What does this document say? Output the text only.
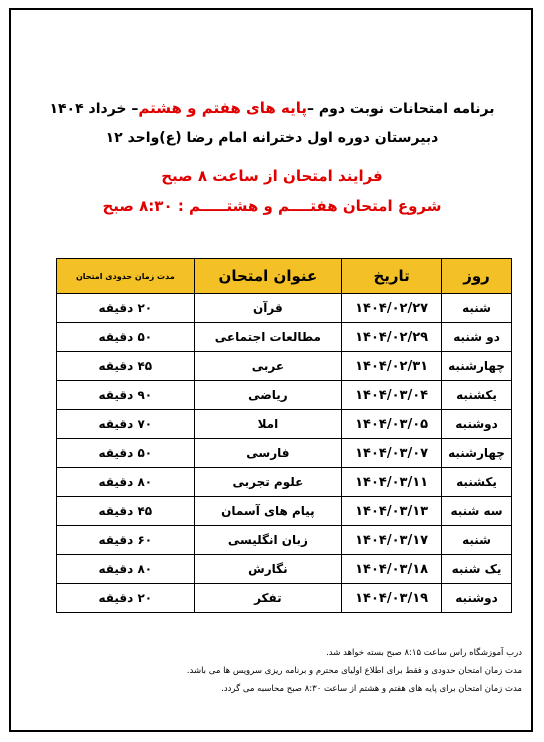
برنامه امتحانات نوبت دوم –پایه های هفتم و هشتم– خرداد ۱۴۰۴
دبیرستان دوره اول دخترانه امام رضا (ع)واحد ۱۲
فرایند امتحان از ساعت ۸ صبح
شروع امتحان هفتــــم و هشتـــــم : ۸:۳۰ صبح
روز	تاریخ	عنوان امتحان	مدت زمان حدودی امتحان
شنبه	۱۴۰۴/۰۲/۲۷	قرآن	۲۰ دقیقه
دو شنبه	۱۴۰۴/۰۲/۲۹	مطالعات اجتماعی	۵۰ دقیقه
چهارشنبه	۱۴۰۴/۰۲/۳۱	عربی	۴۵ دقیقه
یکشنبه	۱۴۰۴/۰۳/۰۴	ریاضی	۹۰ دقیقه
دوشنبه	۱۴۰۴/۰۳/۰۵	املا	۷۰ دقیقه
چهارشنبه	۱۴۰۴/۰۳/۰۷	فارسی	۵۰ دقیقه
یکشنبه	۱۴۰۴/۰۳/۱۱	علوم تجربی	۸۰ دقیقه
سه شنبه	۱۴۰۴/۰۳/۱۳	پیام های آسمان	۴۵ دقیقه
شنبه	۱۴۰۴/۰۳/۱۷	زبان انگلیسی	۶۰ دقیقه
یک شنبه	۱۴۰۴/۰۳/۱۸	نگارش	۸۰ دقیقه
دوشنبه	۱۴۰۴/۰۳/۱۹	تفکر	۲۰ دقیقه
درب آموزشگاه راس ساعت ۸:۱۵ صبح بسته خواهد شد.
مدت زمان امتحان حدودی و فقط برای اطلاع اولیای محترم و برنامه ریزی سرویس ها می باشد.
مدت زمان امتحان برای پایه های هفتم و هشتم از ساعت ۸:۳۰ صبح محاسبه می گردد.
